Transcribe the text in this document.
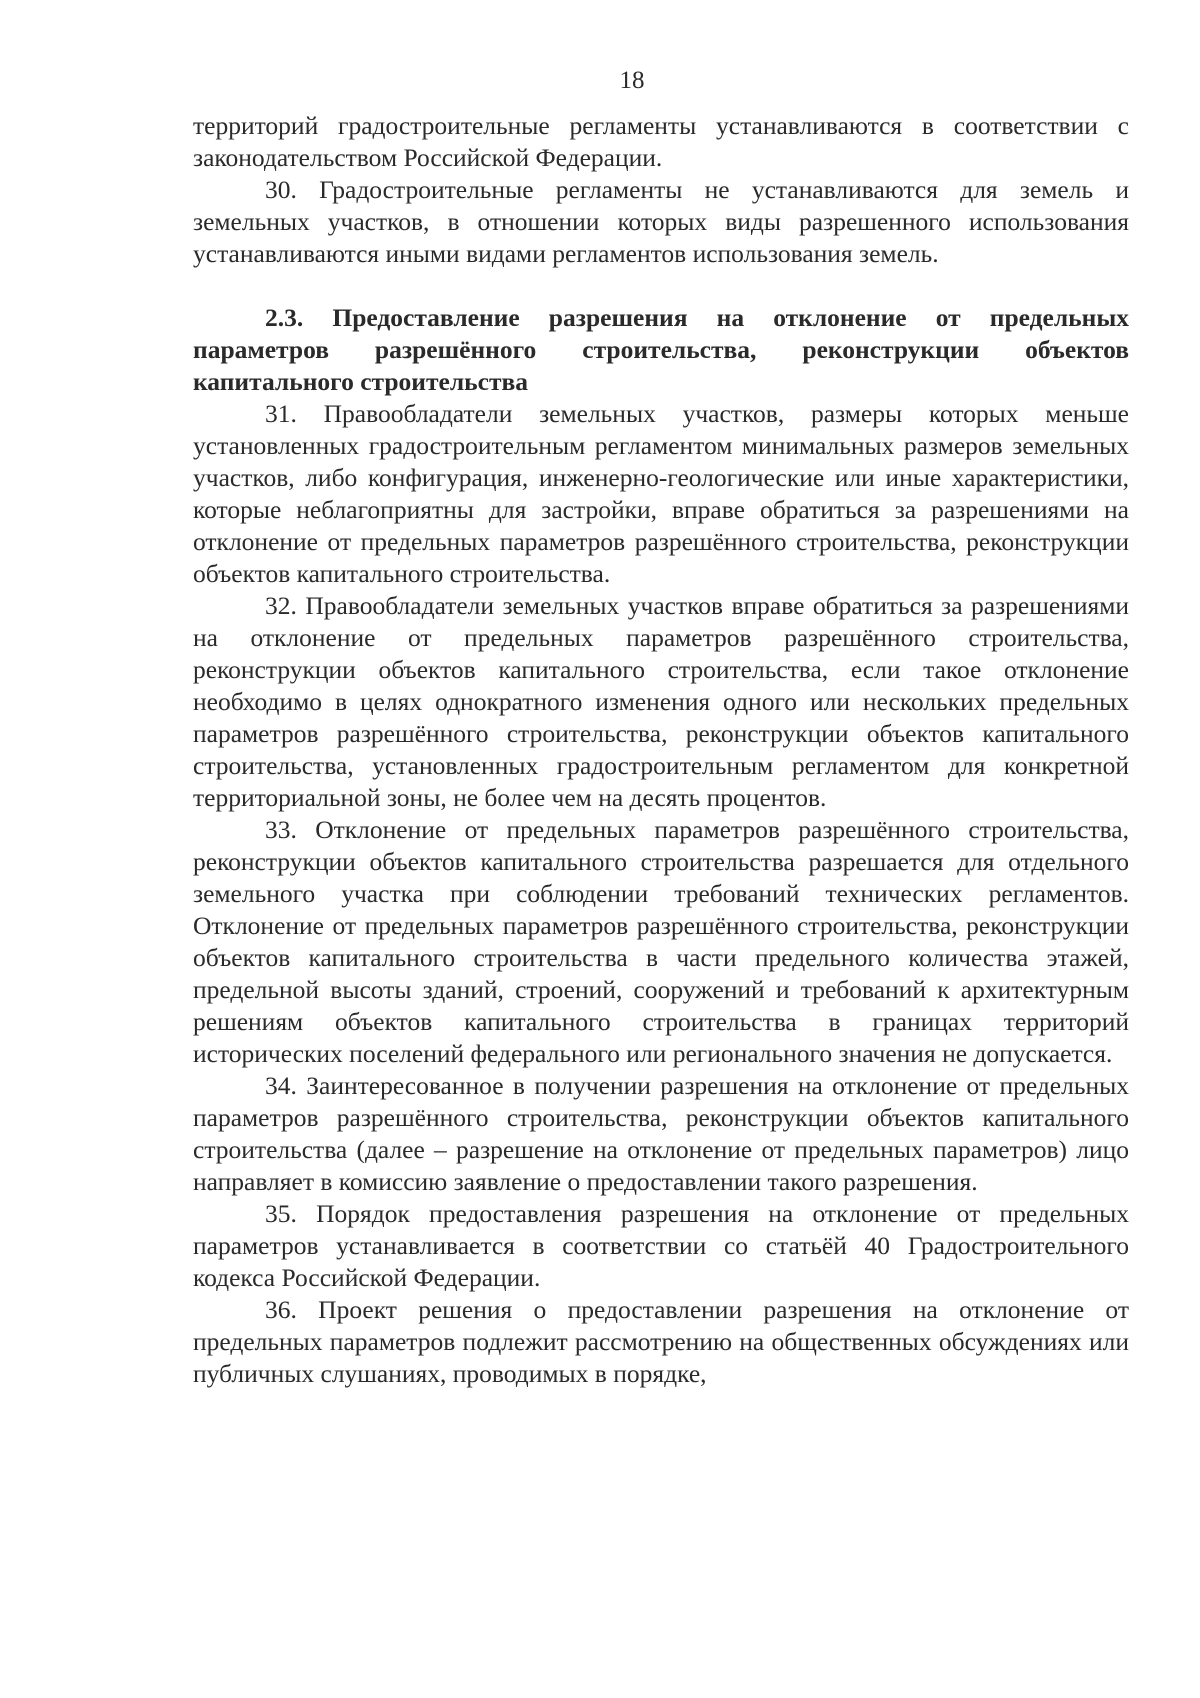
18

территорий градостроительные регламенты устанавливаются в соответствии с законодательством Российской Федерации.

30. Градостроительные регламенты не устанавливаются для земель и земельных участков, в отношении которых виды разрешенного использования устанавливаются иными видами регламентов использования земель.

2.3. Предоставление разрешения на отклонение от предельных параметров разрешённого строительства, реконструкции объектов капитального строительства

31. Правообладатели земельных участков, размеры которых меньше установленных градостроительным регламентом минимальных размеров земельных участков, либо конфигурация, инженерно-геологические или иные характеристики, которые неблагоприятны для застройки, вправе обратиться за разрешениями на отклонение от предельных параметров разрешённого строительства, реконструкции объектов капитального строительства.

32. Правообладатели земельных участков вправе обратиться за разрешениями на отклонение от предельных параметров разрешённого строительства, реконструкции объектов капитального строительства, если такое отклонение необходимо в целях однократного изменения одного или нескольких предельных параметров разрешённого строительства, реконструкции объектов капитального строительства, установленных градостроительным регламентом для конкретной территориальной зоны, не более чем на десять процентов.

33. Отклонение от предельных параметров разрешённого строительства, реконструкции объектов капитального строительства разрешается для отдельного земельного участка при соблюдении требований технических регламентов. Отклонение от предельных параметров разрешённого строительства, реконструкции объектов капитального строительства в части предельного количества этажей, предельной высоты зданий, строений, сооружений и требований к архитектурным решениям объектов капитального строительства в границах территорий исторических поселений федерального или регионального значения не допускается.

34. Заинтересованное в получении разрешения на отклонение от предельных параметров разрешённого строительства, реконструкции объектов капитального строительства (далее – разрешение на отклонение от предельных параметров) лицо направляет в комиссию заявление о предоставлении такого разрешения.

35. Порядок предоставления разрешения на отклонение от предельных параметров устанавливается в соответствии со статьёй 40 Градостроительного кодекса Российской Федерации.

36. Проект решения о предоставлении разрешения на отклонение от предельных параметров подлежит рассмотрению на общественных обсуждениях или публичных слушаниях, проводимых в порядке,
